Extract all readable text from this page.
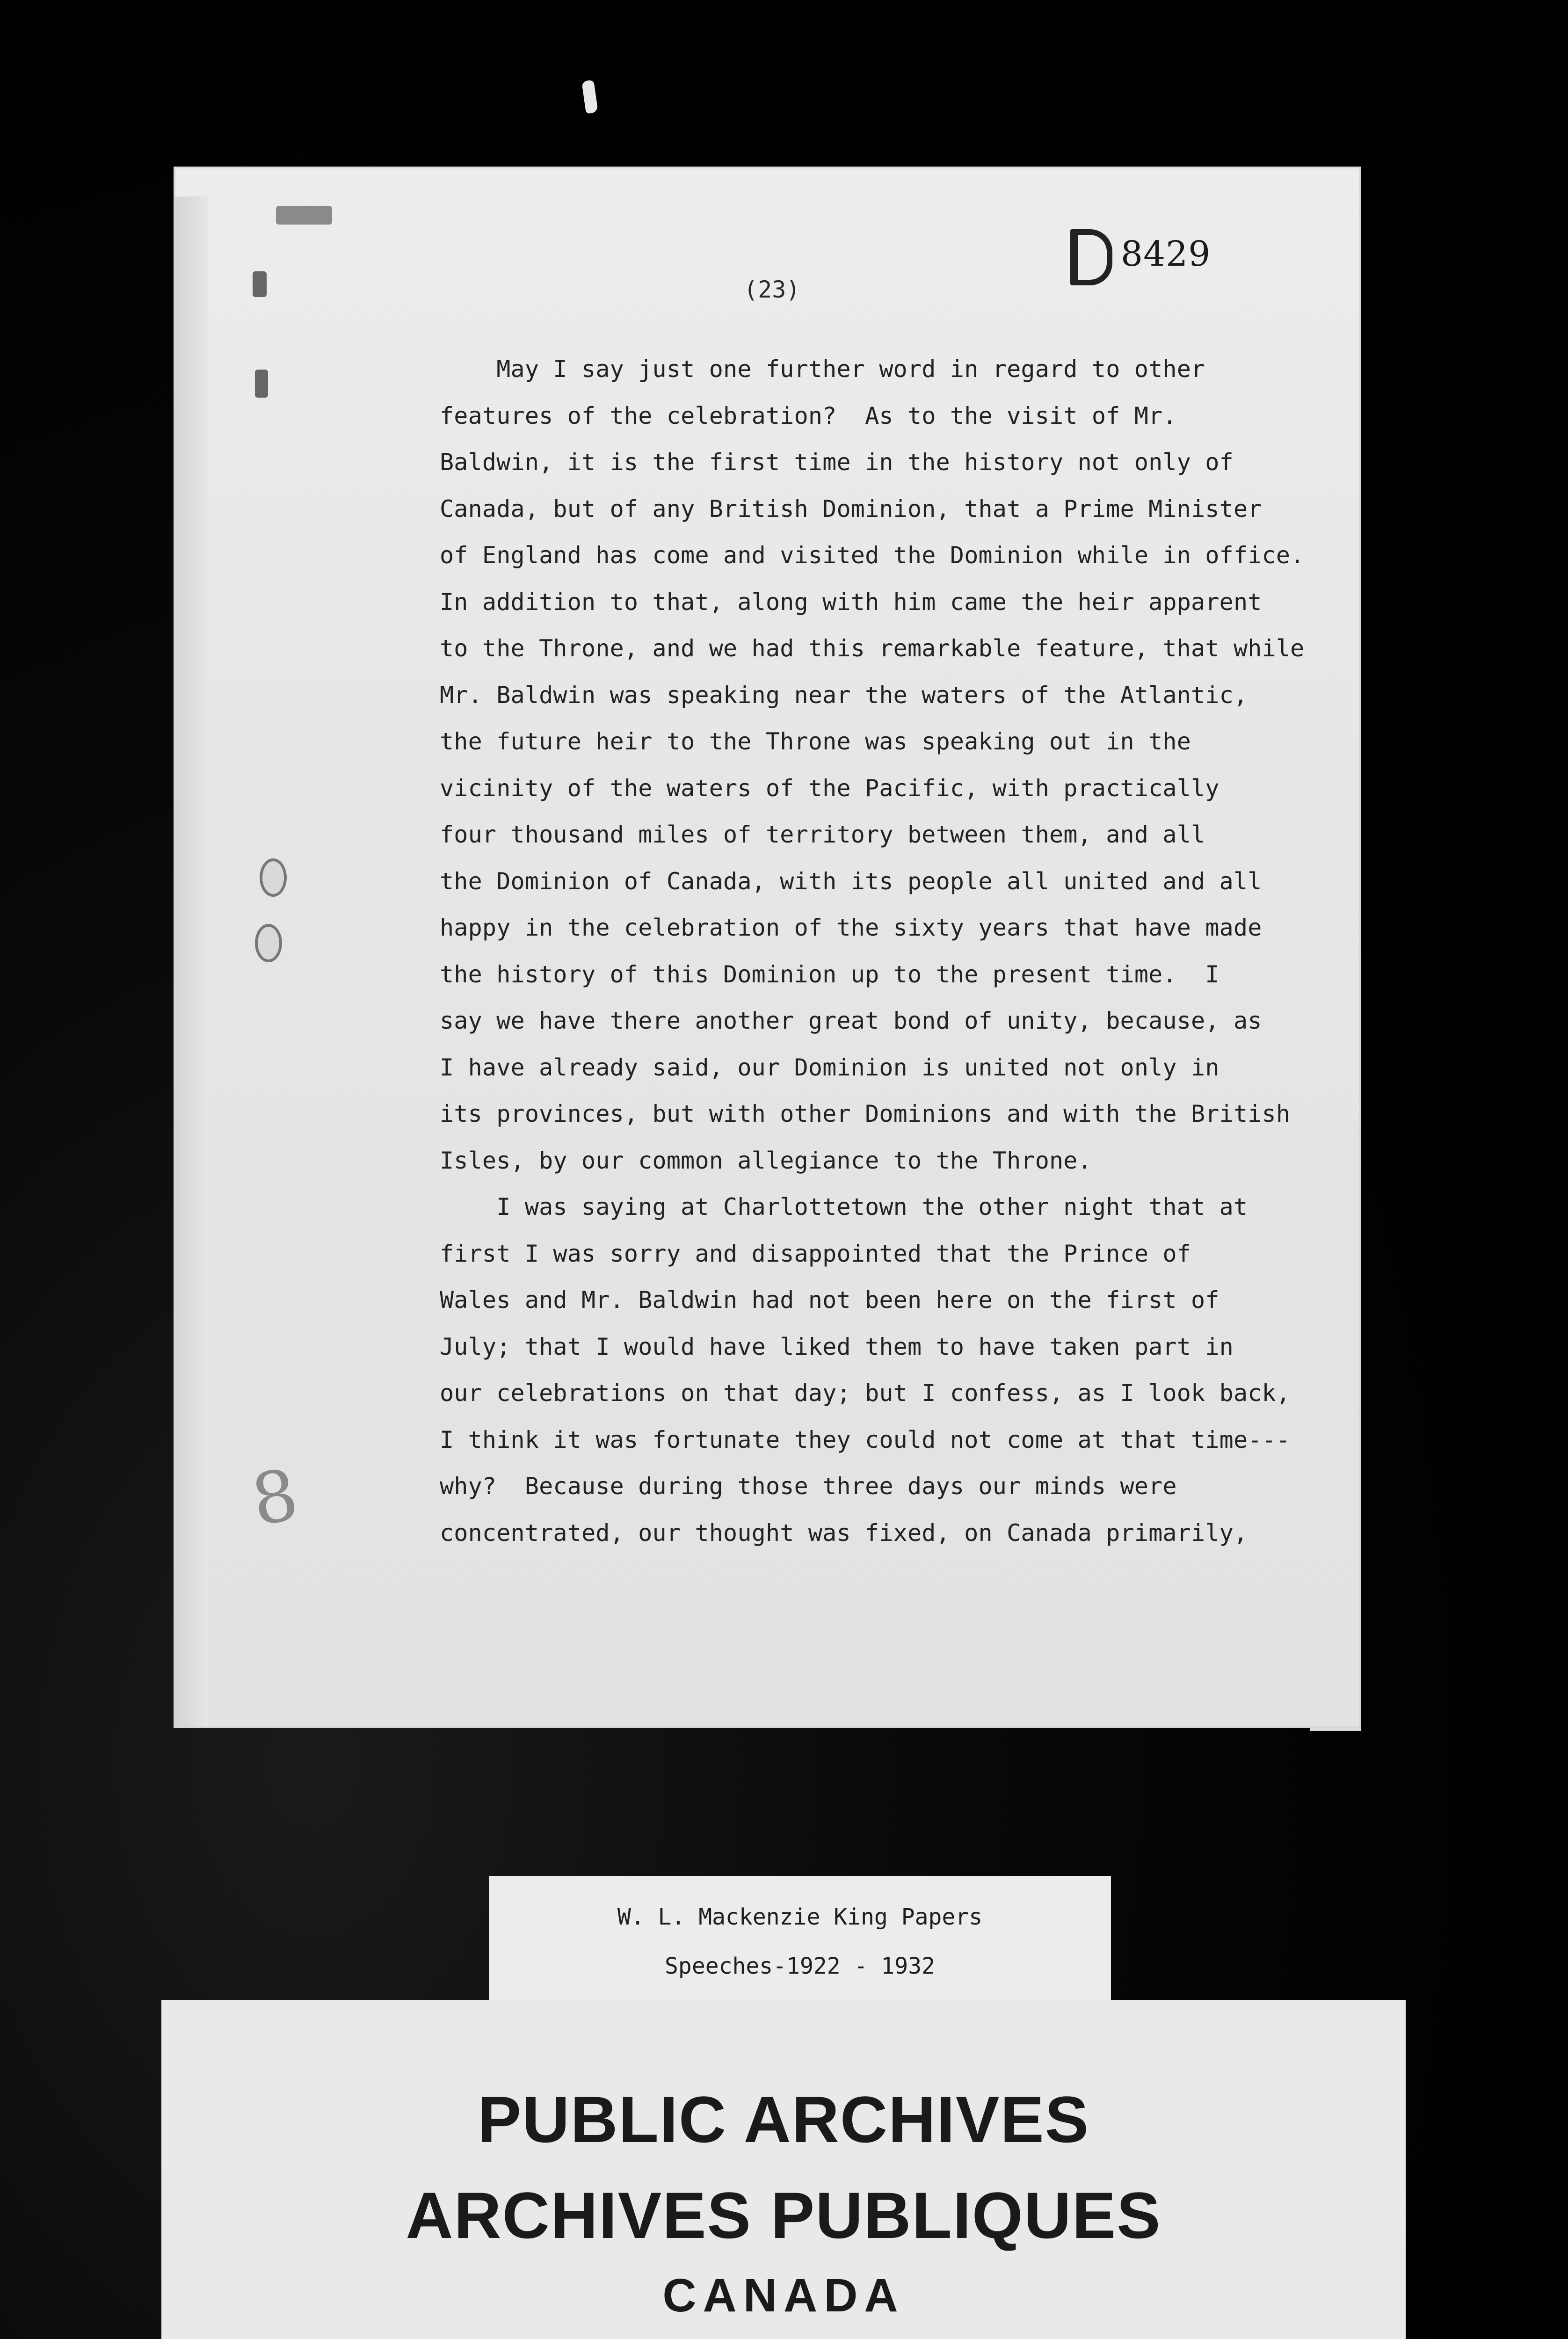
8429
(23)
May I say just one further word in regard to other
features of the celebration?  As to the visit of Mr.
Baldwin, it is the first time in the history not only of
Canada, but of any British Dominion, that a Prime Minister
of England has come and visited the Dominion while in office.
In addition to that, along with him came the heir apparent
to the Throne, and we had this remarkable feature, that while
Mr. Baldwin was speaking near the waters of the Atlantic,
the future heir to the Throne was speaking out in the
vicinity of the waters of the Pacific, with practically
four thousand miles of territory between them, and all
the Dominion of Canada, with its people all united and all
happy in the celebration of the sixty years that have made
the history of this Dominion up to the present time.  I
say we have there another great bond of unity, because, as
I have already said, our Dominion is united not only in
its provinces, but with other Dominions and with the British
Isles, by our common allegiance to the Throne.
I was saying at Charlottetown the other night that at
first I was sorry and disappointed that the Prince of
Wales and Mr. Baldwin had not been here on the first of
July; that I would have liked them to have taken part in
our celebrations on that day; but I confess, as I look back,
I think it was fortunate they could not come at that time---
why?  Because during those three days our minds were
concentrated, our thought was fixed, on Canada primarily,
8
W. L. Mackenzie King Papers
Speeches-1922 - 1932
PUBLIC ARCHIVES
ARCHIVES PUBLIQUES
CANADA
